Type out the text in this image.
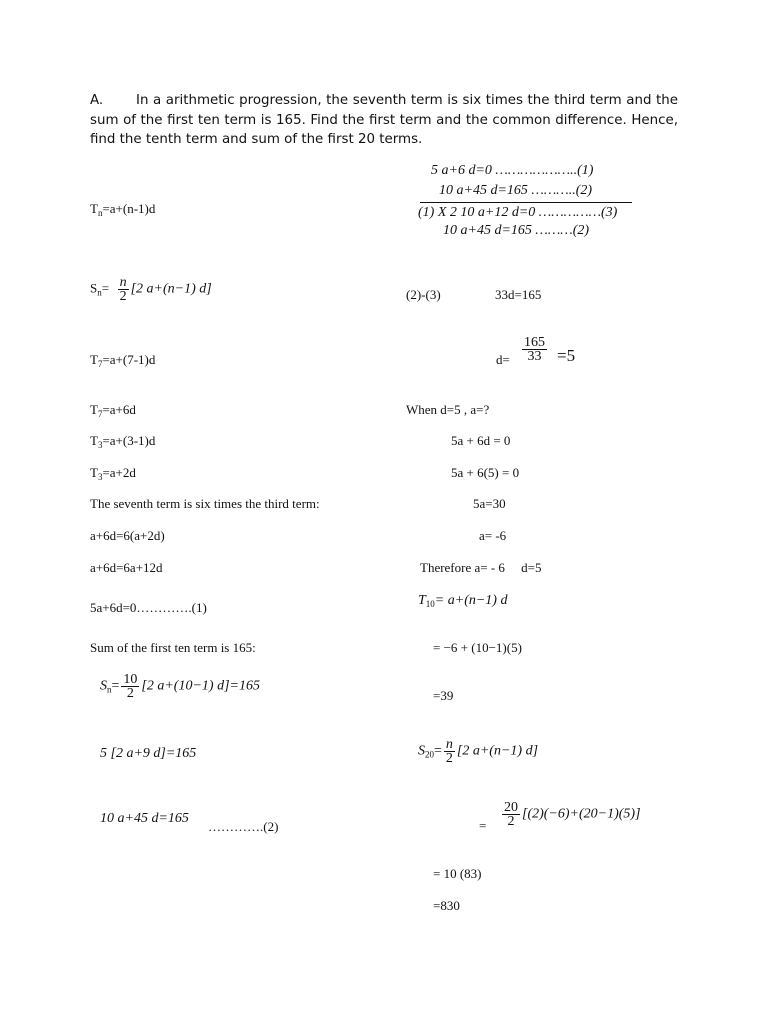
A. In a arithmetic progression, the seventh term is six times the third term and the sum of the first ten term is 165. Find the first term and the common difference. Hence, find the tenth term and sum of the first 20 terms.
$T_n=a+(n-1)d$
$S_n= \frac{n}{2} [2$ a+(n−1) d]
$T_7=a+(7-1)d$
$T_7=a+6d$
$T_3=a+(3-1)d$
$T_3=a+2d$
The seventh term is six times the third term:
a+6d=6(a+2d)
a+6d=6a+12d
5a+6d=0………….(1)
Sum of the first ten term is 165:
$S_n= \frac{10}{2} [2$ a+(10−1) d]=165
5 [2 a+9 d]=165
10 a+45 d=165
………….(2)
5 a+6 d=0 ………………..(1)
10 a+45 d=165 ………..(2)
(1) X 2 10 a+12 d=0 ……………(3)
10 a+45 d=165 ………(2)
(2)-(3)	33d=165
$d= \frac{165}{33} =5$
When d=5 , a=?
5a + 6d = 0
5a + 6(5) = 0
5a=30
a= -6
Therefore a= - 6     d=5
$T_{10}= a+(n-1)$ d
= −6 + (10−1)(5)
=39
$S_{20}= \frac{n}{2} [2$ a+(n−1) d]
= $\frac{20}{2} [(2)(-6)+(20-1)(5)]$
= 10 (83)
=830
